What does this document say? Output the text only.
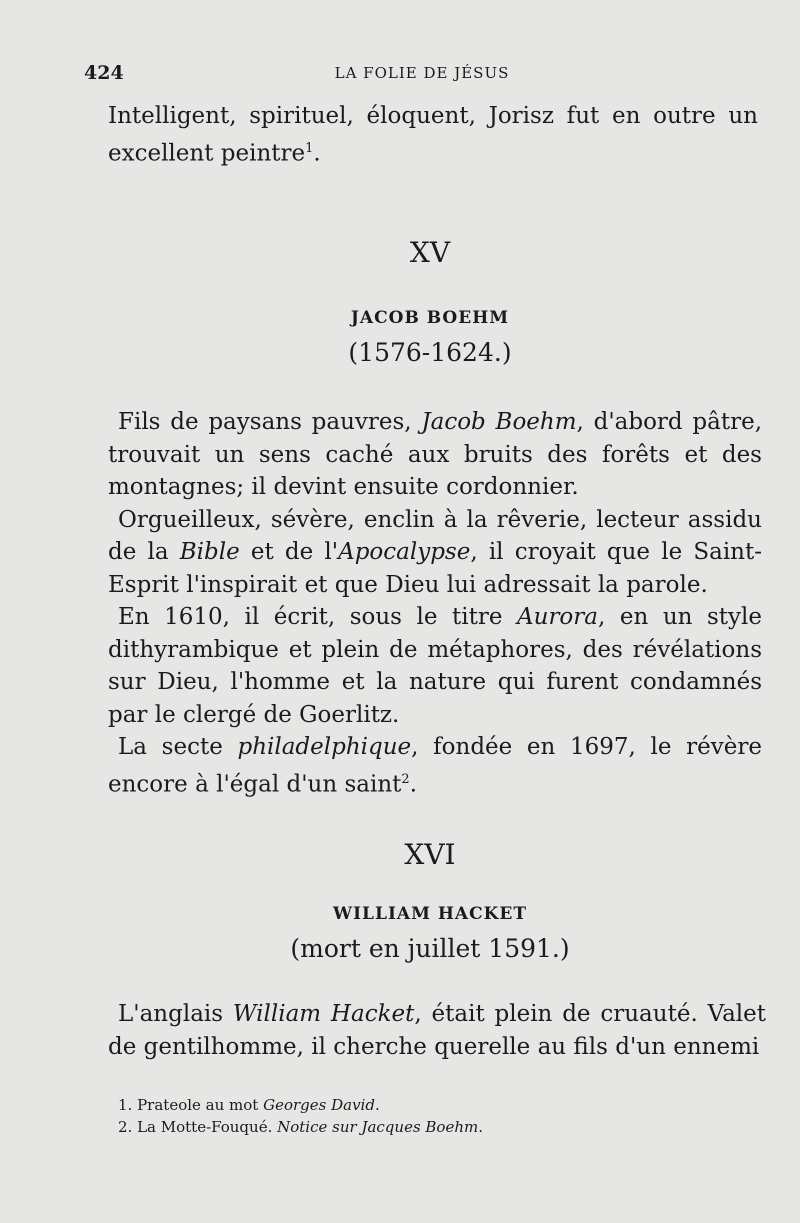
424	LA FOLIE DE JÉSUS

Intelligent, spirituel, éloquent, Jorisz fut en outre un excellent peintre$^1$.

XV
JACOB BOEHM
(1576-1624.)

Fils de paysans pauvres, Jacob Boehm, d'abord pâtre, trouvait un sens caché aux bruits des forêts et des montagnes; il devint ensuite cordonnier.

Orgueilleux, sévère, enclin à la rêverie, lecteur assidu de la Bible et de l'Apocalypse, il croyait que le Saint-Esprit l'inspirait et que Dieu lui adressait la parole.

En 1610, il écrit, sous le titre Aurora, en un style dithyrambique et plein de métaphores, des révélations sur Dieu, l'homme et la nature qui furent condamnés par le clergé de Goerlitz.

La secte philadelphique, fondée en 1697, le révère encore à l'égal d'un saint$^2$.

XVI
WILLIAM HACKET
(mort en juillet 1591.)

L'anglais William Hacket, était plein de cruauté. Valet de gentilhomme, il cherche querelle au fils d'un ennemi

1. Prateole au mot Georges David.
2. La Motte-Fouqué. Notice sur Jacques Boehm.
